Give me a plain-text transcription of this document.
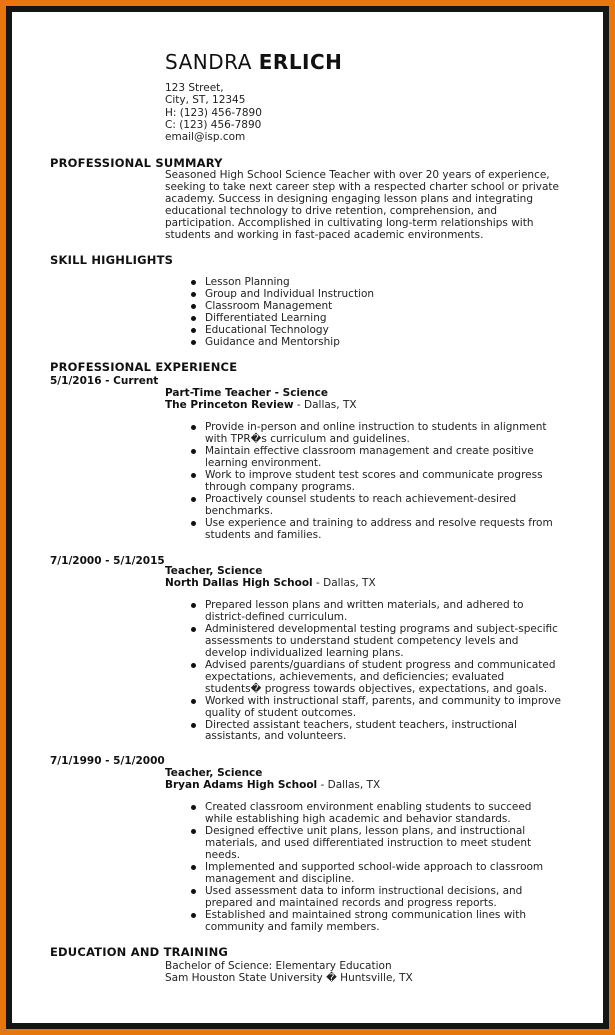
SANDRA ERLICH
123 Street,
City, ST, 12345
H: (123) 456-7890
C: (123) 456-7890
email@isp.com
PROFESSIONAL SUMMARY

Seasoned High School Science Teacher with over 20 years of experience,

seeking to take next career step with a respected charter school or private

academy. Success in designing engaging lesson plans and integrating

educational technology to drive retention, comprehension, and

participation. Accomplished in cultivating long-term relationships with

students and working in fast-paced academic environments.

SKILL HIGHLIGHTS
Lesson Planning
Group and Individual Instruction
Classroom Management
Differentiated Learning
Educational Technology
Guidance and Mentorship
PROFESSIONAL EXPERIENCE
5/1/2016 - Current
Part-Time Teacher - Science
The Princeton Review - Dallas, TX
Provide in-person and online instruction to students in alignment
with TPR�s curriculum and guidelines.
Maintain effective classroom management and create positive
learning environment.
Work to improve student test scores and communicate progress
through company programs.
Proactively counsel students to reach achievement-desired
benchmarks.
Use experience and training to address and resolve requests from
students and families.
7/1/2000 - 5/1/2015
Teacher, Science
North Dallas High School - Dallas, TX
Prepared lesson plans and written materials, and adhered to
district-defined curriculum.
Administered developmental testing programs and subject-specific
assessments to understand student competency levels and
develop individualized learning plans.
Advised parents/guardians of student progress and communicated
expectations, achievements, and deficiencies; evaluated
students� progress towards objectives, expectations, and goals.
Worked with instructional staff, parents, and community to improve
quality of student outcomes.
Directed assistant teachers, student teachers, instructional
assistants, and volunteers.
7/1/1990 - 5/1/2000
Teacher, Science
Bryan Adams High School - Dallas, TX
Created classroom environment enabling students to succeed
while establishing high academic and behavior standards.
Designed effective unit plans, lesson plans, and instructional
materials, and used differentiated instruction to meet student
needs.
Implemented and supported school-wide approach to classroom
management and discipline.
Used assessment data to inform instructional decisions, and
prepared and maintained records and progress reports.
Established and maintained strong communication lines with
community and family members.
EDUCATION AND TRAINING
Bachelor of Science: Elementary Education
Sam Houston State University � Huntsville, TX
